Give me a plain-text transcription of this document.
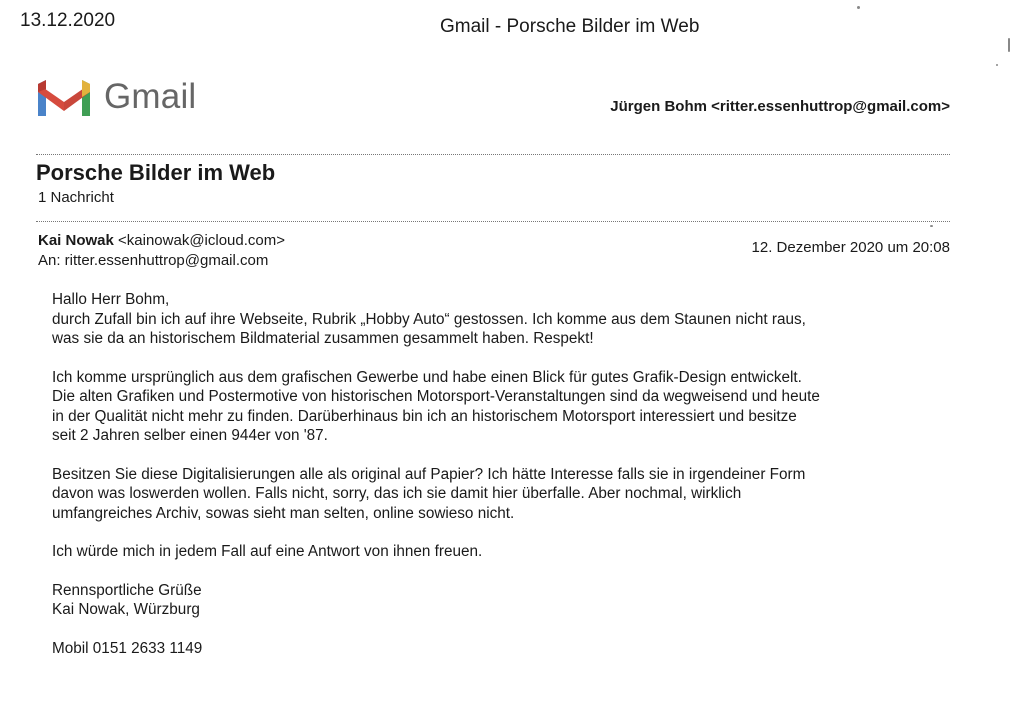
13.12.2020	Gmail - Porsche Bilder im Web
Gmail	Jürgen Bohm <ritter.essenhuttrop@gmail.com>
Porsche Bilder im Web
1 Nachricht
Kai Nowak <kainowak@icloud.com>
An: ritter.essenhuttrop@gmail.com
12. Dezember 2020 um 20:08

Hallo Herr Bohm,
durch Zufall bin ich auf ihre Webseite, Rubrik „Hobby Auto“ gestossen. Ich komme aus dem Staunen nicht raus,
was sie da an historischem Bildmaterial zusammen gesammelt haben. Respekt!

Ich komme ursprünglich aus dem grafischen Gewerbe und habe einen Blick für gutes Grafik-Design entwickelt.
Die alten Grafiken und Postermotive von historischen Motorsport-Veranstaltungen sind da wegweisend und heute
in der Qualität nicht mehr zu finden. Darüberhinaus bin ich an historischem Motorsport interessiert und besitze
seit 2 Jahren selber einen 944er von '87.

Besitzen Sie diese Digitalisierungen alle als original auf Papier? Ich hätte Interesse falls sie in irgendeiner Form
davon was loswerden wollen. Falls nicht, sorry, das ich sie damit hier überfalle. Aber nochmal, wirklich
umfangreiches Archiv, sowas sieht man selten, online sowieso nicht.

Ich würde mich in jedem Fall auf eine Antwort von ihnen freuen.

Rennsportliche Grüße
Kai Nowak, Würzburg

Mobil 0151 2633 1149
